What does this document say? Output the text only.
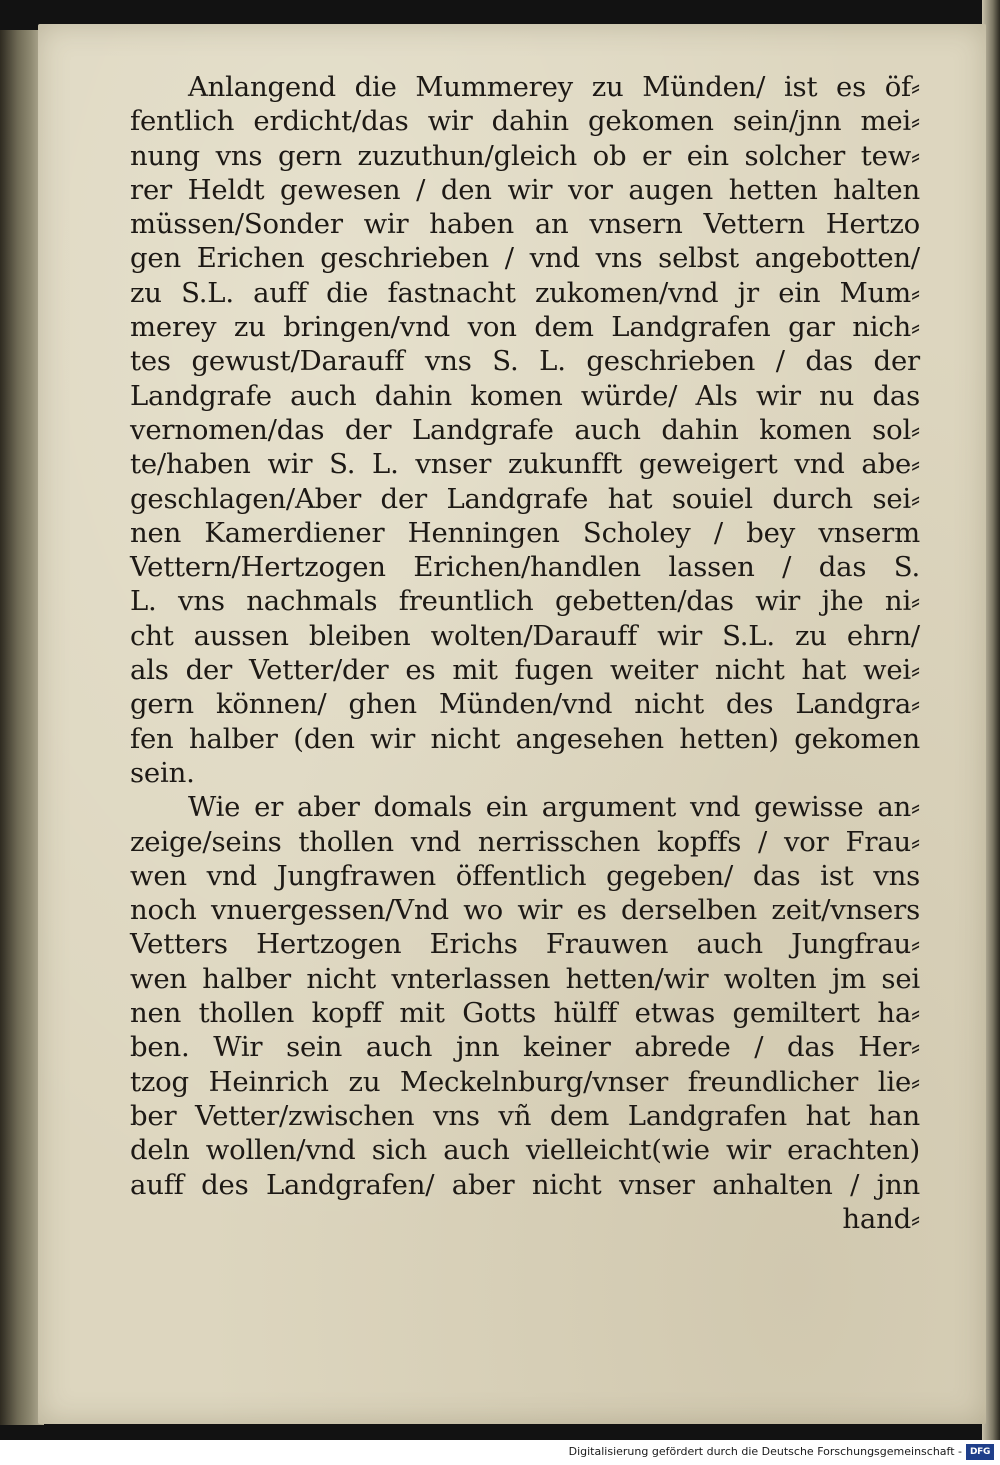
Anlangend die Mummerey zu Münden/ ist es öf⸗
fentlich erdicht/das wir dahin gekomen sein/jnn mei⸗
nung vns gern zuzuthun/gleich ob er ein solcher tew⸗
rer Heldt gewesen / den wir vor augen hetten halten
müssen/Sonder wir haben an vnsern Vettern Hertzo
gen Erichen geschrieben / vnd vns selbst angebotten/
zu S.L. auff die fastnacht zukomen/vnd jr ein Mum⸗
merey zu bringen/vnd von dem Landgrafen gar nich⸗
tes gewust/Darauff vns S. L. geschrieben / das der
Landgrafe auch dahin komen würde/ Als wir nu das
vernomen/das der Landgrafe auch dahin komen sol⸗
te/haben wir S. L. vnser zukunfft geweigert vnd abe⸗
geschlagen/Aber der Landgrafe hat souiel durch sei⸗
nen Kamerdiener Henningen Scholey / bey vnserm
Vettern/Hertzogen Erichen/handlen lassen / das S.
L. vns nachmals freuntlich gebetten/das wir jhe ni⸗
cht aussen bleiben wolten/Darauff wir S.L. zu ehrn/
als der Vetter/der es mit fugen weiter nicht hat wei⸗
gern können/ ghen Münden/vnd nicht des Landgra⸗
fen halber (den wir nicht angesehen hetten) gekomen
sein.
Wie er aber domals ein argument vnd gewisse an⸗
zeige/seins thollen vnd nerrisschen kopffs / vor Frau⸗
wen vnd Jungfrawen öffentlich gegeben/ das ist vns
noch vnuergessen/Vnd wo wir es derselben zeit/vnsers
Vetters Hertzogen Erichs Frauwen auch Jungfrau⸗
wen halber nicht vnterlassen hetten/wir wolten jm sei
nen thollen kopff mit Gotts hülff etwas gemiltert ha⸗
ben. Wir sein auch jnn keiner abrede / das Her⸗
tzog Heinrich zu Meckelnburg/vnser freundlicher lie⸗
ber Vetter/zwischen vns vñ dem Landgrafen hat han
deln wollen/vnd sich auch vielleicht(wie wir erachten)
auff des Landgrafen/ aber nicht vnser anhalten / jnn
hand⸗
Digitalisierung gefördert durch die Deutsche Forschungsgemeinschaft - DFG
